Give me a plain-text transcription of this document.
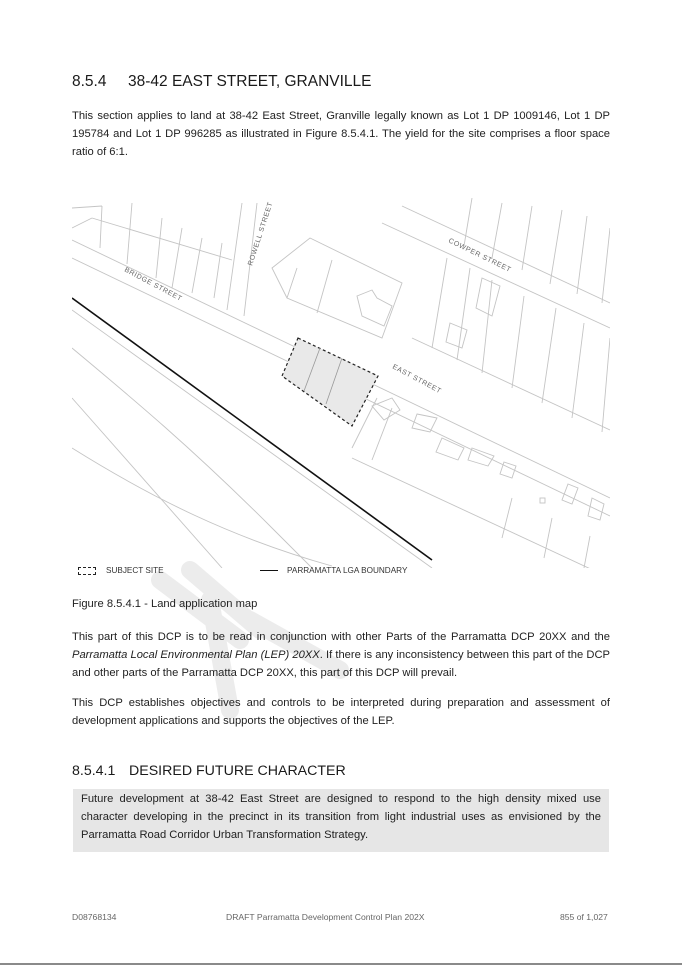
8.5.4 38-42 EAST STREET, GRANVILLE
This section applies to land at 38-42 East Street, Granville legally known as Lot 1 DP 1009146, Lot 1 DP 195784 and Lot 1 DP 996285 as illustrated in Figure 8.5.4.1. The yield for the site comprises a floor space ratio of 6:1.
BRIDGE STREET
ROWELL STREET	COWPER STREET
EAST STREET
SUBJECT SITE	PARRAMATTA LGA BOUNDARY
Figure 8.5.4.1 - Land application map
This part of this DCP is to be read in conjunction with other Parts of the Parramatta DCP 20XX and the Parramatta Local Environmental Plan (LEP) 20XX. If there is any inconsistency between this part of the DCP and other parts of the Parramatta DCP 20XX, this part of this DCP will prevail.
This DCP establishes objectives and controls to be interpreted during preparation and assessment of development applications and supports the objectives of the LEP.
8.5.4.1 DESIRED FUTURE CHARACTER
Future development at 38-42 East Street are designed to respond to the high density mixed use character developing in the precinct in its transition from light industrial uses as envisioned by the Parramatta Road Corridor Urban Transformation Strategy.
D08768134	DRAFT Parramatta Development Control Plan 202X	855 of 1,027
